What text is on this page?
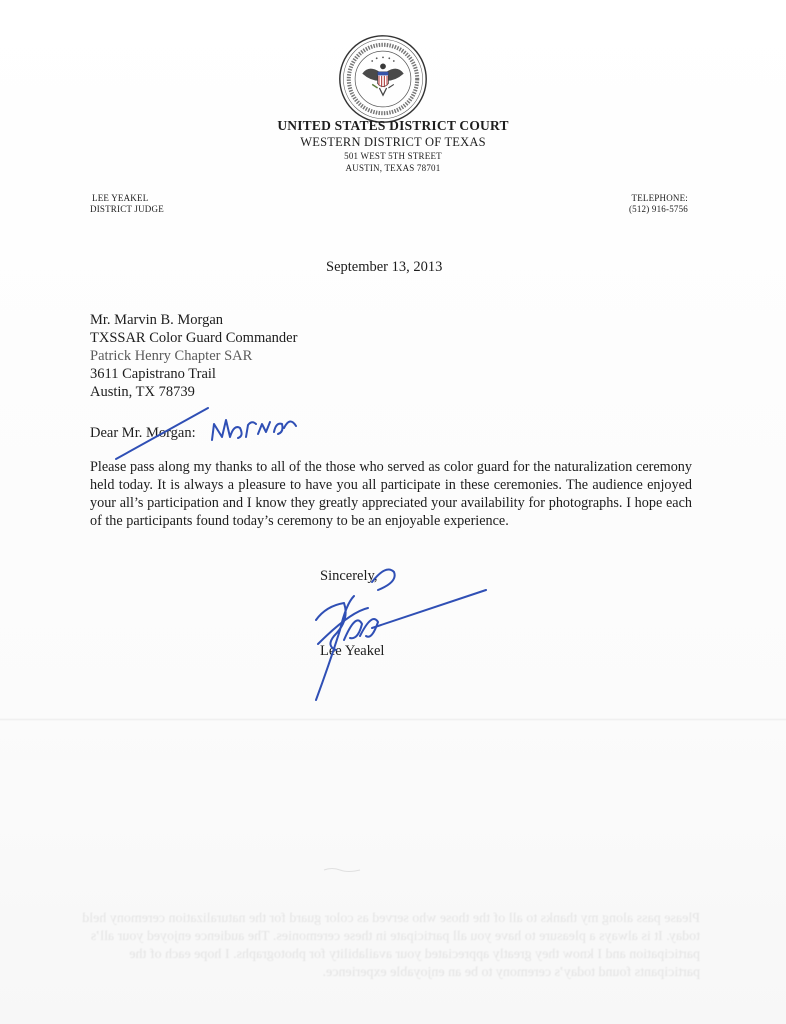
UNITED STATES DISTRICT COURT
WESTERN DISTRICT OF TEXAS
501 WEST 5TH STREET
AUSTIN, TEXAS 78701
LEE YEAKEL
DISTRICT JUDGE
TELEPHONE:
(512) 916-5756
September 13, 2013
Mr. Marvin B. Morgan
TXSSAR Color Guard Commander
Patrick Henry Chapter SAR
3611 Capistrano Trail
Austin, TX 78739
Dear Mr. Morgan:
Please pass along my thanks to all of the those who served as color guard for the naturalization ceremony held today. It is always a pleasure to have you all participate in these ceremonies. The audience enjoyed your all’s participation and I know they greatly appreciated your availability for photographs. I hope each of the participants found today’s ceremony to be an enjoyable experience.
Sincerely,
Lee Yeakel
Please pass along my thanks to all of the those who served as color guard for the naturalization ceremony held today. It is always a pleasure to have you all participate in these ceremonies. The audience enjoyed your all’s participation and I know they greatly appreciated your availability for photographs. I hope each of the participants found today’s ceremony to be an enjoyable experience.
